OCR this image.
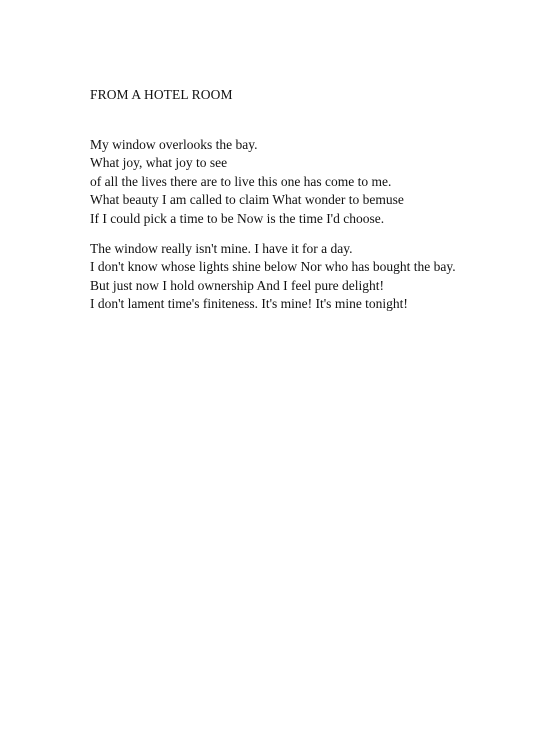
FROM A HOTEL ROOM
My window overlooks the bay.
What joy, what joy to see
of all the lives there are to live this one has come to me.
What beauty I am called to claim What wonder to bemuse
If I could pick a time to be Now is the time I'd choose.
The window really isn't mine. I have it for a day.
I don't know whose lights shine below Nor who has bought the bay.
But just now I hold ownership And I feel pure delight!
I don't lament time's finiteness. It's mine! It's mine tonight!
